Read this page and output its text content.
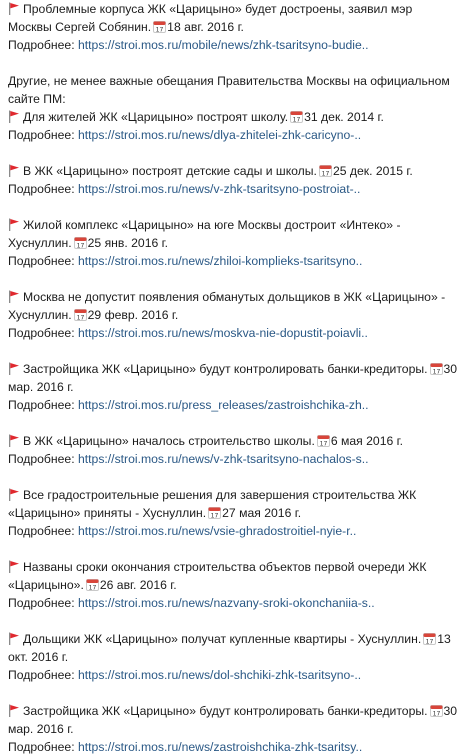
Проблемные корпуса ЖК «Царицыно» будет достроены, заявил мэр Москвы Сергей Собянин. 17 18 авг. 2016 г.
Подробнее: https://stroi.mos.ru/mobile/news/zhk-tsaritsyno-budie..
Другие, не менее важные обещания Правительства Москвы на официальном
сайте ПМ:
Для жителей ЖК «Царицыно» построят школу. 17 31 дек. 2014 г.
Подробнее: https://stroi.mos.ru/news/dlya-zhitelei-zhk-caricyno-..
В ЖК «Царицыно» построят детские сады и школы. 17 25 дек. 2015 г.
Подробнее: https://stroi.mos.ru/news/v-zhk-tsaritsyno-postroiat-..
Жилой комплекс «Царицыно» на юге Москвы достроит «Интеко» - Хуснуллин. 17 25 янв. 2016 г.
Подробнее: https://stroi.mos.ru/news/zhiloi-komplieks-tsaritsyno..
Москва не допустит появления обманутых дольщиков в ЖК «Царицыно» - Хуснуллин. 17 29 февр. 2016 г.
Подробнее: https://stroi.mos.ru/news/moskva-nie-dopustit-poiavli..
Застройщика ЖК «Царицыно» будут контролировать банки-кредиторы. 17 30 мар. 2016 г.
Подробнее: https://stroi.mos.ru/press_releases/zastroishchika-zh..
В ЖК «Царицыно» началось строительство школы. 17 6 мая 2016 г.
Подробнее: https://stroi.mos.ru/news/v-zhk-tsaritsyno-nachalos-s..
Все градостроительные решения для завершения строительства ЖК «Царицыно» приняты - Хуснуллин. 17 27 мая 2016 г.
Подробнее: https://stroi.mos.ru/news/vsie-ghradostroitiel-nyie-r..
Названы сроки окончания строительства объектов первой очереди ЖК «Царицыно». 17 26 авг. 2016 г.
Подробнее: https://stroi.mos.ru/news/nazvany-sroki-okonchaniia-s..
Дольщики ЖК «Царицыно» получат купленные квартиры - Хуснуллин. 17 13 окт. 2016 г.
Подробнее: https://stroi.mos.ru/news/dol-shchiki-zhk-tsaritsyno-..
Застройщика ЖК «Царицыно» будут контролировать банки-кредиторы. 17 30 мар. 2016 г.
Подробнее: https://stroi.mos.ru/news/zastroishchika-zhk-tsaritsy..
